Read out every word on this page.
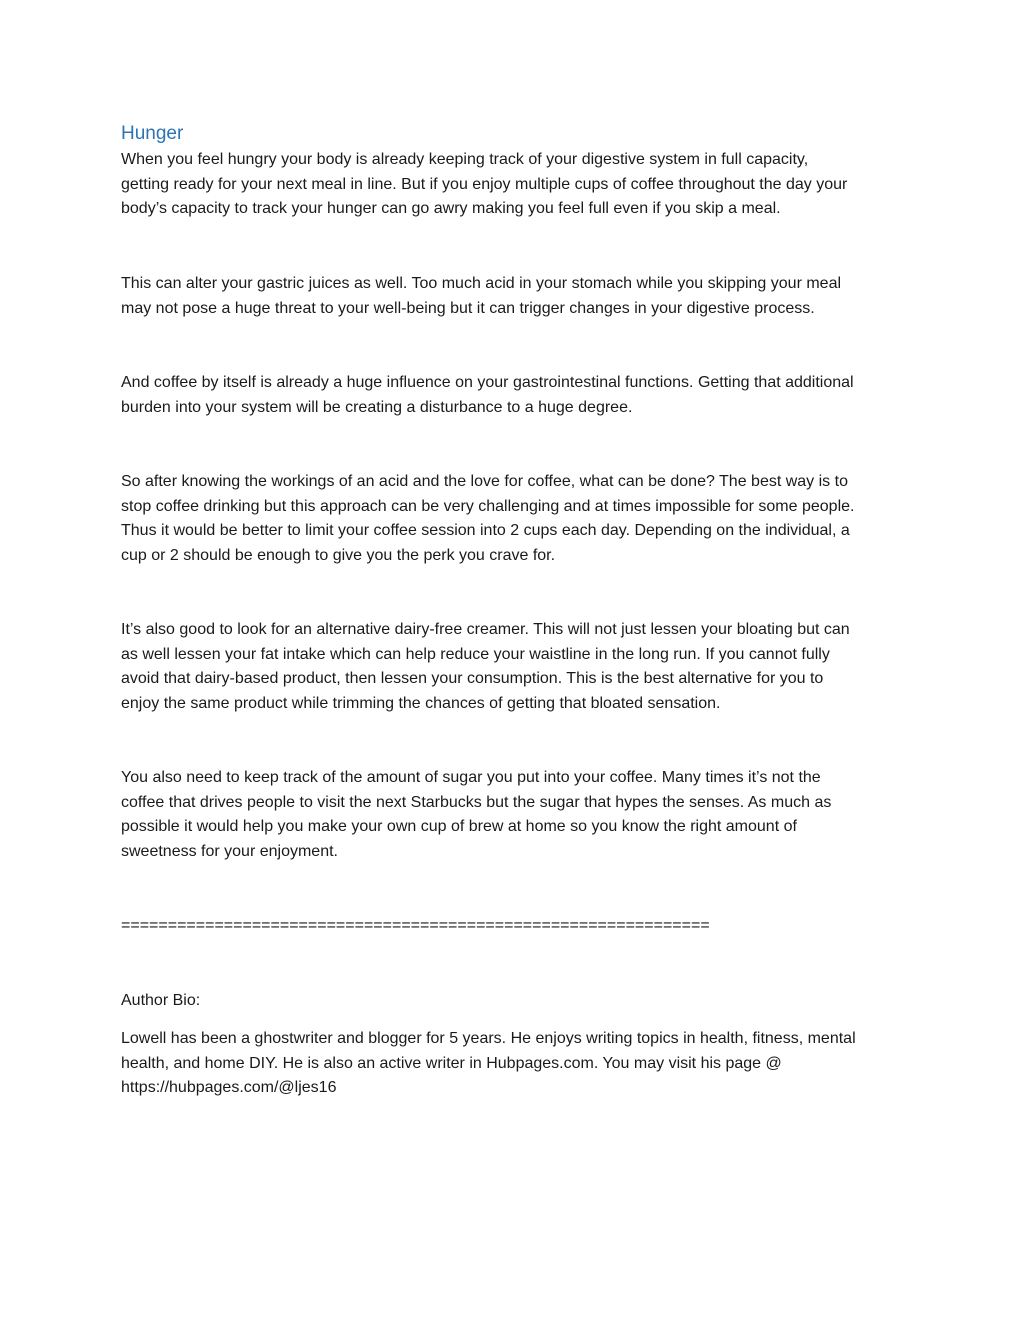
Hunger

When you feel hungry your body is already keeping track of your digestive system in full capacity,
getting ready for your next meal in line. But if you enjoy multiple cups of coffee throughout the day your
body’s capacity to track your hunger can go awry making you feel full even if you skip a meal.

This can alter your gastric juices as well. Too much acid in your stomach while you skipping your meal
may not pose a huge threat to your well-being but it can trigger changes in your digestive process.

And coffee by itself is already a huge influence on your gastrointestinal functions. Getting that additional
burden into your system will be creating a disturbance to a huge degree.

So after knowing the workings of an acid and the love for coffee, what can be done? The best way is to
stop coffee drinking but this approach can be very challenging and at times impossible for some people.
Thus it would be better to limit your coffee session into 2 cups each day. Depending on the individual, a
cup or 2 should be enough to give you the perk you crave for.

It’s also good to look for an alternative dairy-free creamer. This will not just lessen your bloating but can
as well lessen your fat intake which can help reduce your waistline in the long run. If you cannot fully
avoid that dairy-based product, then lessen your consumption. This is the best alternative for you to
enjoy the same product while trimming the chances of getting that bloated sensation.

You also need to keep track of the amount of sugar you put into your coffee. Many times it’s not the
coffee that drives people to visit the next Starbucks but the sugar that hypes the senses. As much as
possible it would help you make your own cup of brew at home so you know the right amount of
sweetness for your enjoyment.

===============================================================

Author Bio:

Lowell has been a ghostwriter and blogger for 5 years. He enjoys writing topics in health, fitness, mental
health, and home DIY. He is also an active writer in Hubpages.com. You may visit his page @
https://hubpages.com/@ljes16
